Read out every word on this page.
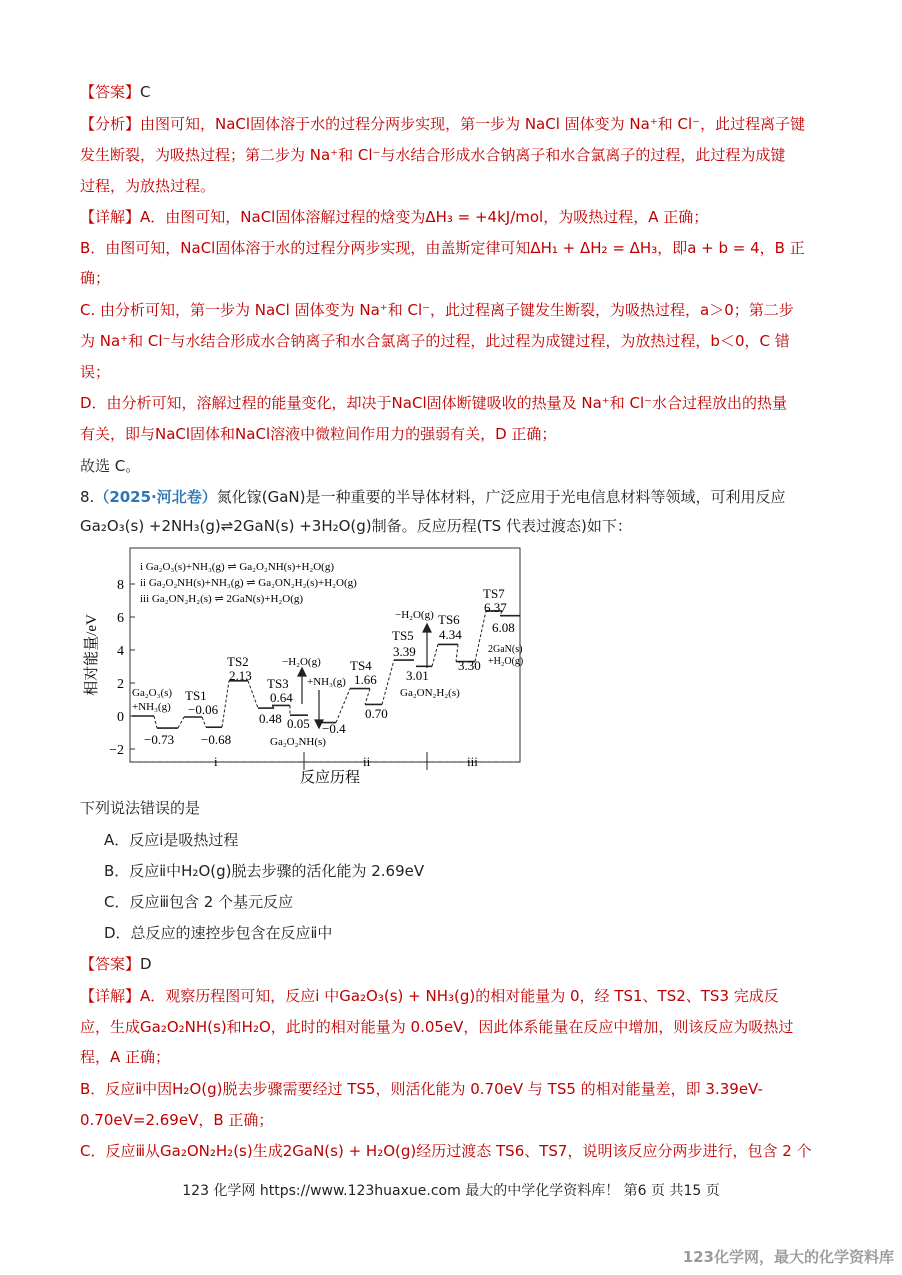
【答案】C
【分析】由图可知，NaCl固体溶于水的过程分两步实现，第一步为 NaCl 固体变为 Na⁺和 Cl⁻，此过程离子键
发生断裂，为吸热过程；第二步为 Na⁺和 Cl⁻与水结合形成水合钠离子和水合氯离子的过程，此过程为成键
过程，为放热过程。
【详解】A．由图可知，NaCl固体溶解过程的焓变为ΔH₃ = +4kJ/mol，为吸热过程，A 正确；
B．由图可知，NaCl固体溶于水的过程分两步实现，由盖斯定律可知ΔH₁ + ΔH₂ = ΔH₃，即a + b = 4，B 正
确；
C. 由分析可知，第一步为 NaCl 固体变为 Na⁺和 Cl⁻，此过程离子键发生断裂，为吸热过程，a＞0；第二步
为 Na⁺和 Cl⁻与水结合形成水合钠离子和水合氯离子的过程，此过程为成键过程，为放热过程，b＜0，C 错
误；
D．由分析可知，溶解过程的能量变化，却决于NaCl固体断键吸收的热量及 Na⁺和 Cl⁻水合过程放出的热量
有关，即与NaCl固体和NaCl溶液中微粒间作用力的强弱有关，D 正确；
故选 C。
8.（2025·河北卷）氮化镓(GaN)是一种重要的半导体材料，广泛应用于光电信息材料等领域，可利用反应
Ga₂O₃(s) +2NH₃(g)⇌2GaN(s) +3H₂O(g)制备。反应历程(TS 代表过渡态)如下：
8
6
4
2
0
−2
相对能量/eV
i Ga₂O₃(s)+NH₃(g) ⇌ Ga₂O₂NH(s)+H₂O(g)
ii Ga₂O₂NH(s)+NH₃(g) ⇌ Ga₂ON₂H₂(s)+H₂O(g)
iii Ga₂ON₂H₂(s) ⇌ 2GaN(s)+H₂O(g)
Ga₂O₃(s)
+NH₃(g)
TS1
−0.06
−0.73 −0.68
TS2
2.13
0.48
TS3
0.64
0.05 −0.4
Ga₂O₂NH(s)
−H₂O(g)
+NH₃(g)
TS4
1.66
0.70
TS5
3.39
−H₂O(g)
3.01
Ga₂ON₂H₂(s)
TS6
4.34
3.30
TS7
6.37
6.08
2GaN(s)
+H₂O(g)
i	ii	iii
反应历程
下列说法错误的是
A．反应ⅰ是吸热过程
B．反应ⅱ中H₂O(g)脱去步骤的活化能为 2.69eV
C．反应ⅲ包含 2 个基元反应
D．总反应的速控步包含在反应ⅱ中
【答案】D
【详解】A．观察历程图可知，反应ⅰ 中Ga₂O₃(s) + NH₃(g)的相对能量为 0，经 TS1、TS2、TS3 完成反
应，生成Ga₂O₂NH(s)和H₂O，此时的相对能量为 0.05eV，因此体系能量在反应中增加，则该反应为吸热过
程，A 正确；
B．反应ⅱ中因H₂O(g)脱去步骤需要经过 TS5，则活化能为 0.70eV 与 TS5 的相对能量差，即 3.39eV-
0.70eV=2.69eV，B 正确；
C．反应ⅲ从Ga₂ON₂H₂(s)生成2GaN(s) + H₂O(g)经历过渡态 TS6、TS7，说明该反应分两步进行，包含 2 个
123 化学网 https://www.123huaxue.com 最大的中学化学资料库！ 第6 页 共15 页
123化学网，最大的化学资料库
